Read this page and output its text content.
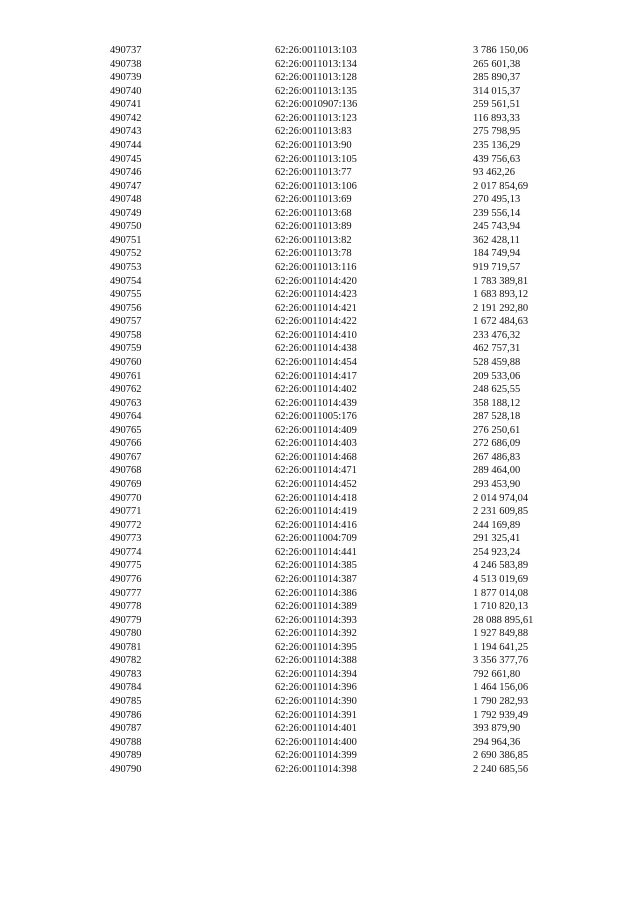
490737	62:26:0011013:103	3 786 150,06
490738	62:26:0011013:134	265 601,38
490739	62:26:0011013:128	285 890,37
490740	62:26:0011013:135	314 015,37
490741	62:26:0010907:136	259 561,51
490742	62:26:0011013:123	116 893,33
490743	62:26:0011013:83	275 798,95
490744	62:26:0011013:90	235 136,29
490745	62:26:0011013:105	439 756,63
490746	62:26:0011013:77	93 462,26
490747	62:26:0011013:106	2 017 854,69
490748	62:26:0011013:69	270 495,13
490749	62:26:0011013:68	239 556,14
490750	62:26:0011013:89	245 743,94
490751	62:26:0011013:82	362 428,11
490752	62:26:0011013:78	184 749,94
490753	62:26:0011013:116	919 719,57
490754	62:26:0011014:420	1 783 389,81
490755	62:26:0011014:423	1 683 893,12
490756	62:26:0011014:421	2 191 292,80
490757	62:26:0011014:422	1 672 484,63
490758	62:26:0011014:410	233 476,32
490759	62:26:0011014:438	462 757,31
490760	62:26:0011014:454	528 459,88
490761	62:26:0011014:417	209 533,06
490762	62:26:0011014:402	248 625,55
490763	62:26:0011014:439	358 188,12
490764	62:26:0011005:176	287 528,18
490765	62:26:0011014:409	276 250,61
490766	62:26:0011014:403	272 686,09
490767	62:26:0011014:468	267 486,83
490768	62:26:0011014:471	289 464,00
490769	62:26:0011014:452	293 453,90
490770	62:26:0011014:418	2 014 974,04
490771	62:26:0011014:419	2 231 609,85
490772	62:26:0011014:416	244 169,89
490773	62:26:0011004:709	291 325,41
490774	62:26:0011014:441	254 923,24
490775	62:26:0011014:385	4 246 583,89
490776	62:26:0011014:387	4 513 019,69
490777	62:26:0011014:386	1 877 014,08
490778	62:26:0011014:389	1 710 820,13
490779	62:26:0011014:393	28 088 895,61
490780	62:26:0011014:392	1 927 849,88
490781	62:26:0011014:395	1 194 641,25
490782	62:26:0011014:388	3 356 377,76
490783	62:26:0011014:394	792 661,80
490784	62:26:0011014:396	1 464 156,06
490785	62:26:0011014:390	1 790 282,93
490786	62:26:0011014:391	1 792 939,49
490787	62:26:0011014:401	393 879,90
490788	62:26:0011014:400	294 964,36
490789	62:26:0011014:399	2 690 386,85
490790	62:26:0011014:398	2 240 685,56
